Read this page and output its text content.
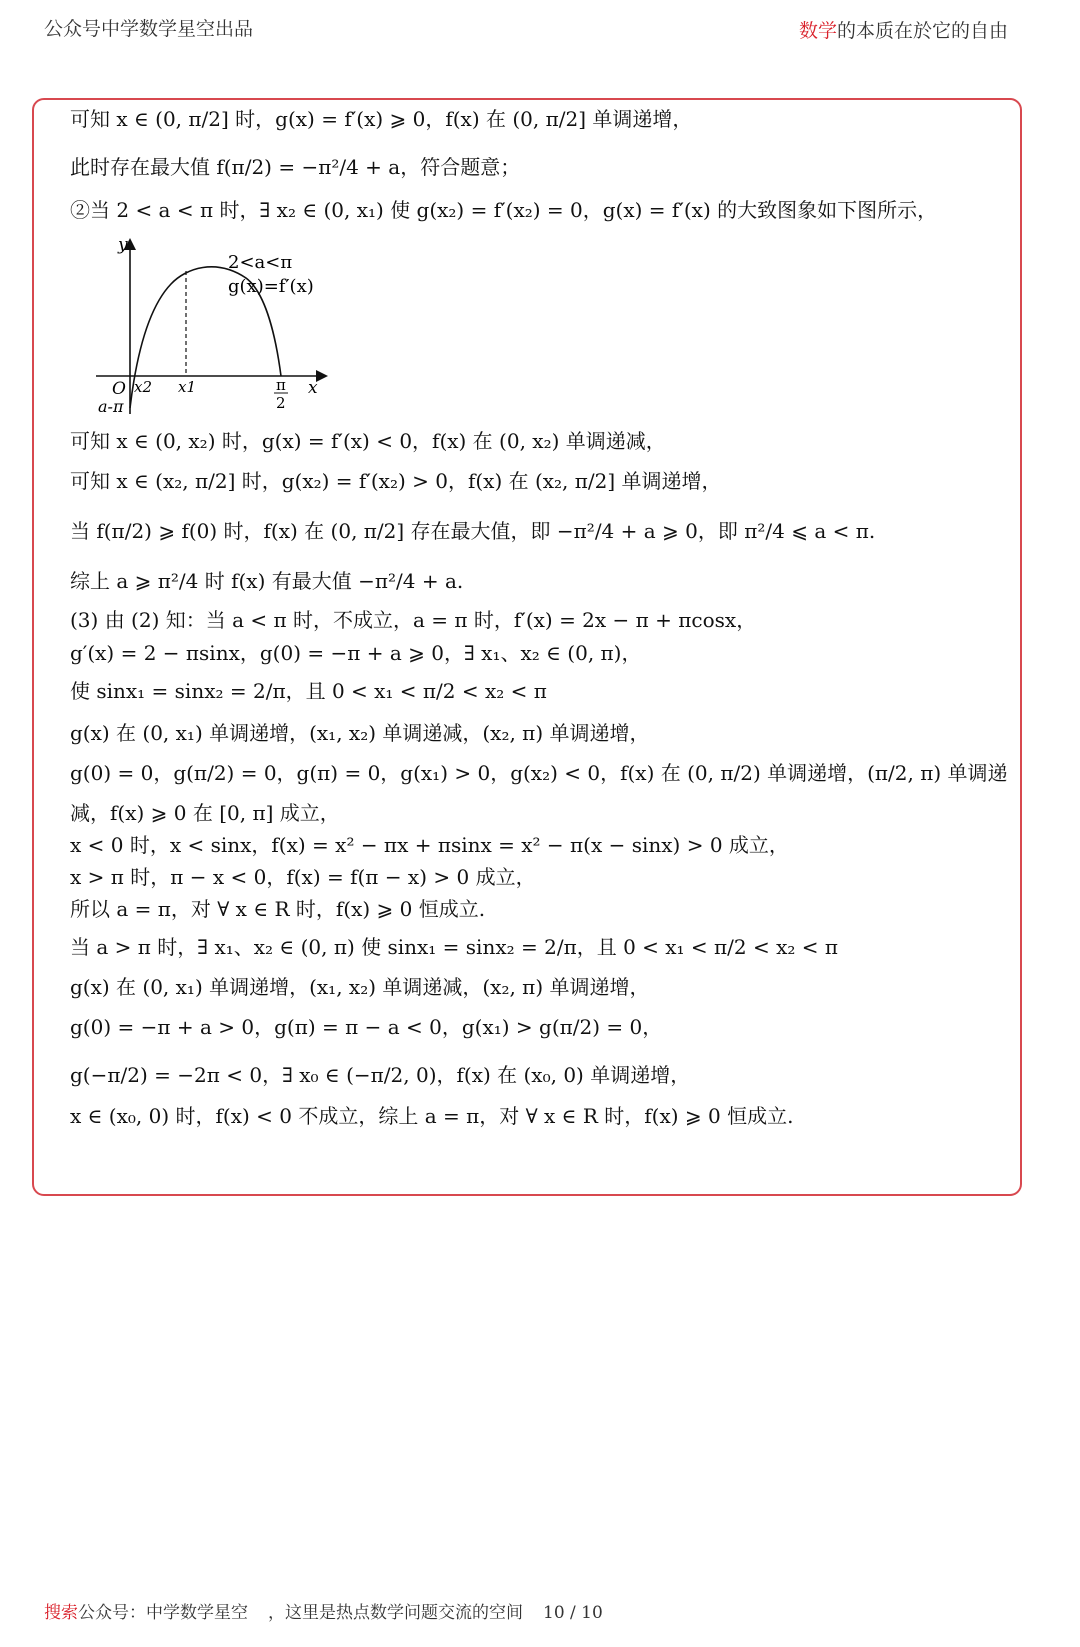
公众号中学数学星空出品	数学的本质在於它的自由
可知 x ∈ (0, π/2] 时，g(x) = f′(x) ⩾ 0，f(x) 在 (0, π/2] 单调递增，
此时存在最大值 f(π/2) = −π²/4 + a，符合题意；
②当 2 < a < π 时，∃ x₂ ∈ (0, x₁) 使 g(x₂) = f′(x₂) = 0，g(x) = f′(x) 的大致图象如下图所示，
2<a<π
g(x)=f′(x)
y
x
O x2 x1	π
2
a-π
可知 x ∈ (0, x₂) 时，g(x) = f′(x) < 0，f(x) 在 (0, x₂) 单调递减，
可知 x ∈ (x₂, π/2] 时，g(x₂) = f′(x₂) > 0，f(x) 在 (x₂, π/2] 单调递增，
当 f(π/2) ⩾ f(0) 时，f(x) 在 (0, π/2] 存在最大值，即 −π²/4 + a ⩾ 0，即 π²/4 ⩽ a < π.
综上 a ⩾ π²/4 时 f(x) 有最大值 −π²/4 + a.
(3) 由 (2) 知：当 a < π 时，不成立，a = π 时，f′(x) = 2x − π + πcosx，
g′(x) = 2 − πsinx，g(0) = −π + a ⩾ 0，∃ x₁、x₂ ∈ (0, π)，
使 sinx₁ = sinx₂ = 2/π，且 0 < x₁ < π/2 < x₂ < π
g(x) 在 (0, x₁) 单调递增，(x₁, x₂) 单调递减，(x₂, π) 单调递增，
g(0) = 0，g(π/2) = 0，g(π) = 0，g(x₁) > 0，g(x₂) < 0，f(x) 在 (0, π/2) 单调递增，(π/2, π) 单调递
减，f(x) ⩾ 0 在 [0, π] 成立，
x < 0 时，x < sinx，f(x) = x² − πx + πsinx = x² − π(x − sinx) > 0 成立，
x > π 时，π − x < 0，f(x) = f(π − x) > 0 成立，
所以 a = π，对 ∀ x ∈ R 时，f(x) ⩾ 0 恒成立.
当 a > π 时，∃ x₁、x₂ ∈ (0, π) 使 sinx₁ = sinx₂ = 2/π，且 0 < x₁ < π/2 < x₂ < π
g(x) 在 (0, x₁) 单调递增，(x₁, x₂) 单调递减，(x₂, π) 单调递增，
g(0) = −π + a > 0，g(π) = π − a < 0，g(x₁) > g(π/2) = 0，
g(−π/2) = −2π < 0，∃ x₀ ∈ (−π/2, 0)，f(x) 在 (x₀, 0) 单调递增，
x ∈ (x₀, 0) 时，f(x) < 0 不成立，综上 a = π，对 ∀ x ∈ R 时，f(x) ⩾ 0 恒成立.
搜索公众号：中学数学星空 ，这里是热点数学问题交流的空间 10 / 10
